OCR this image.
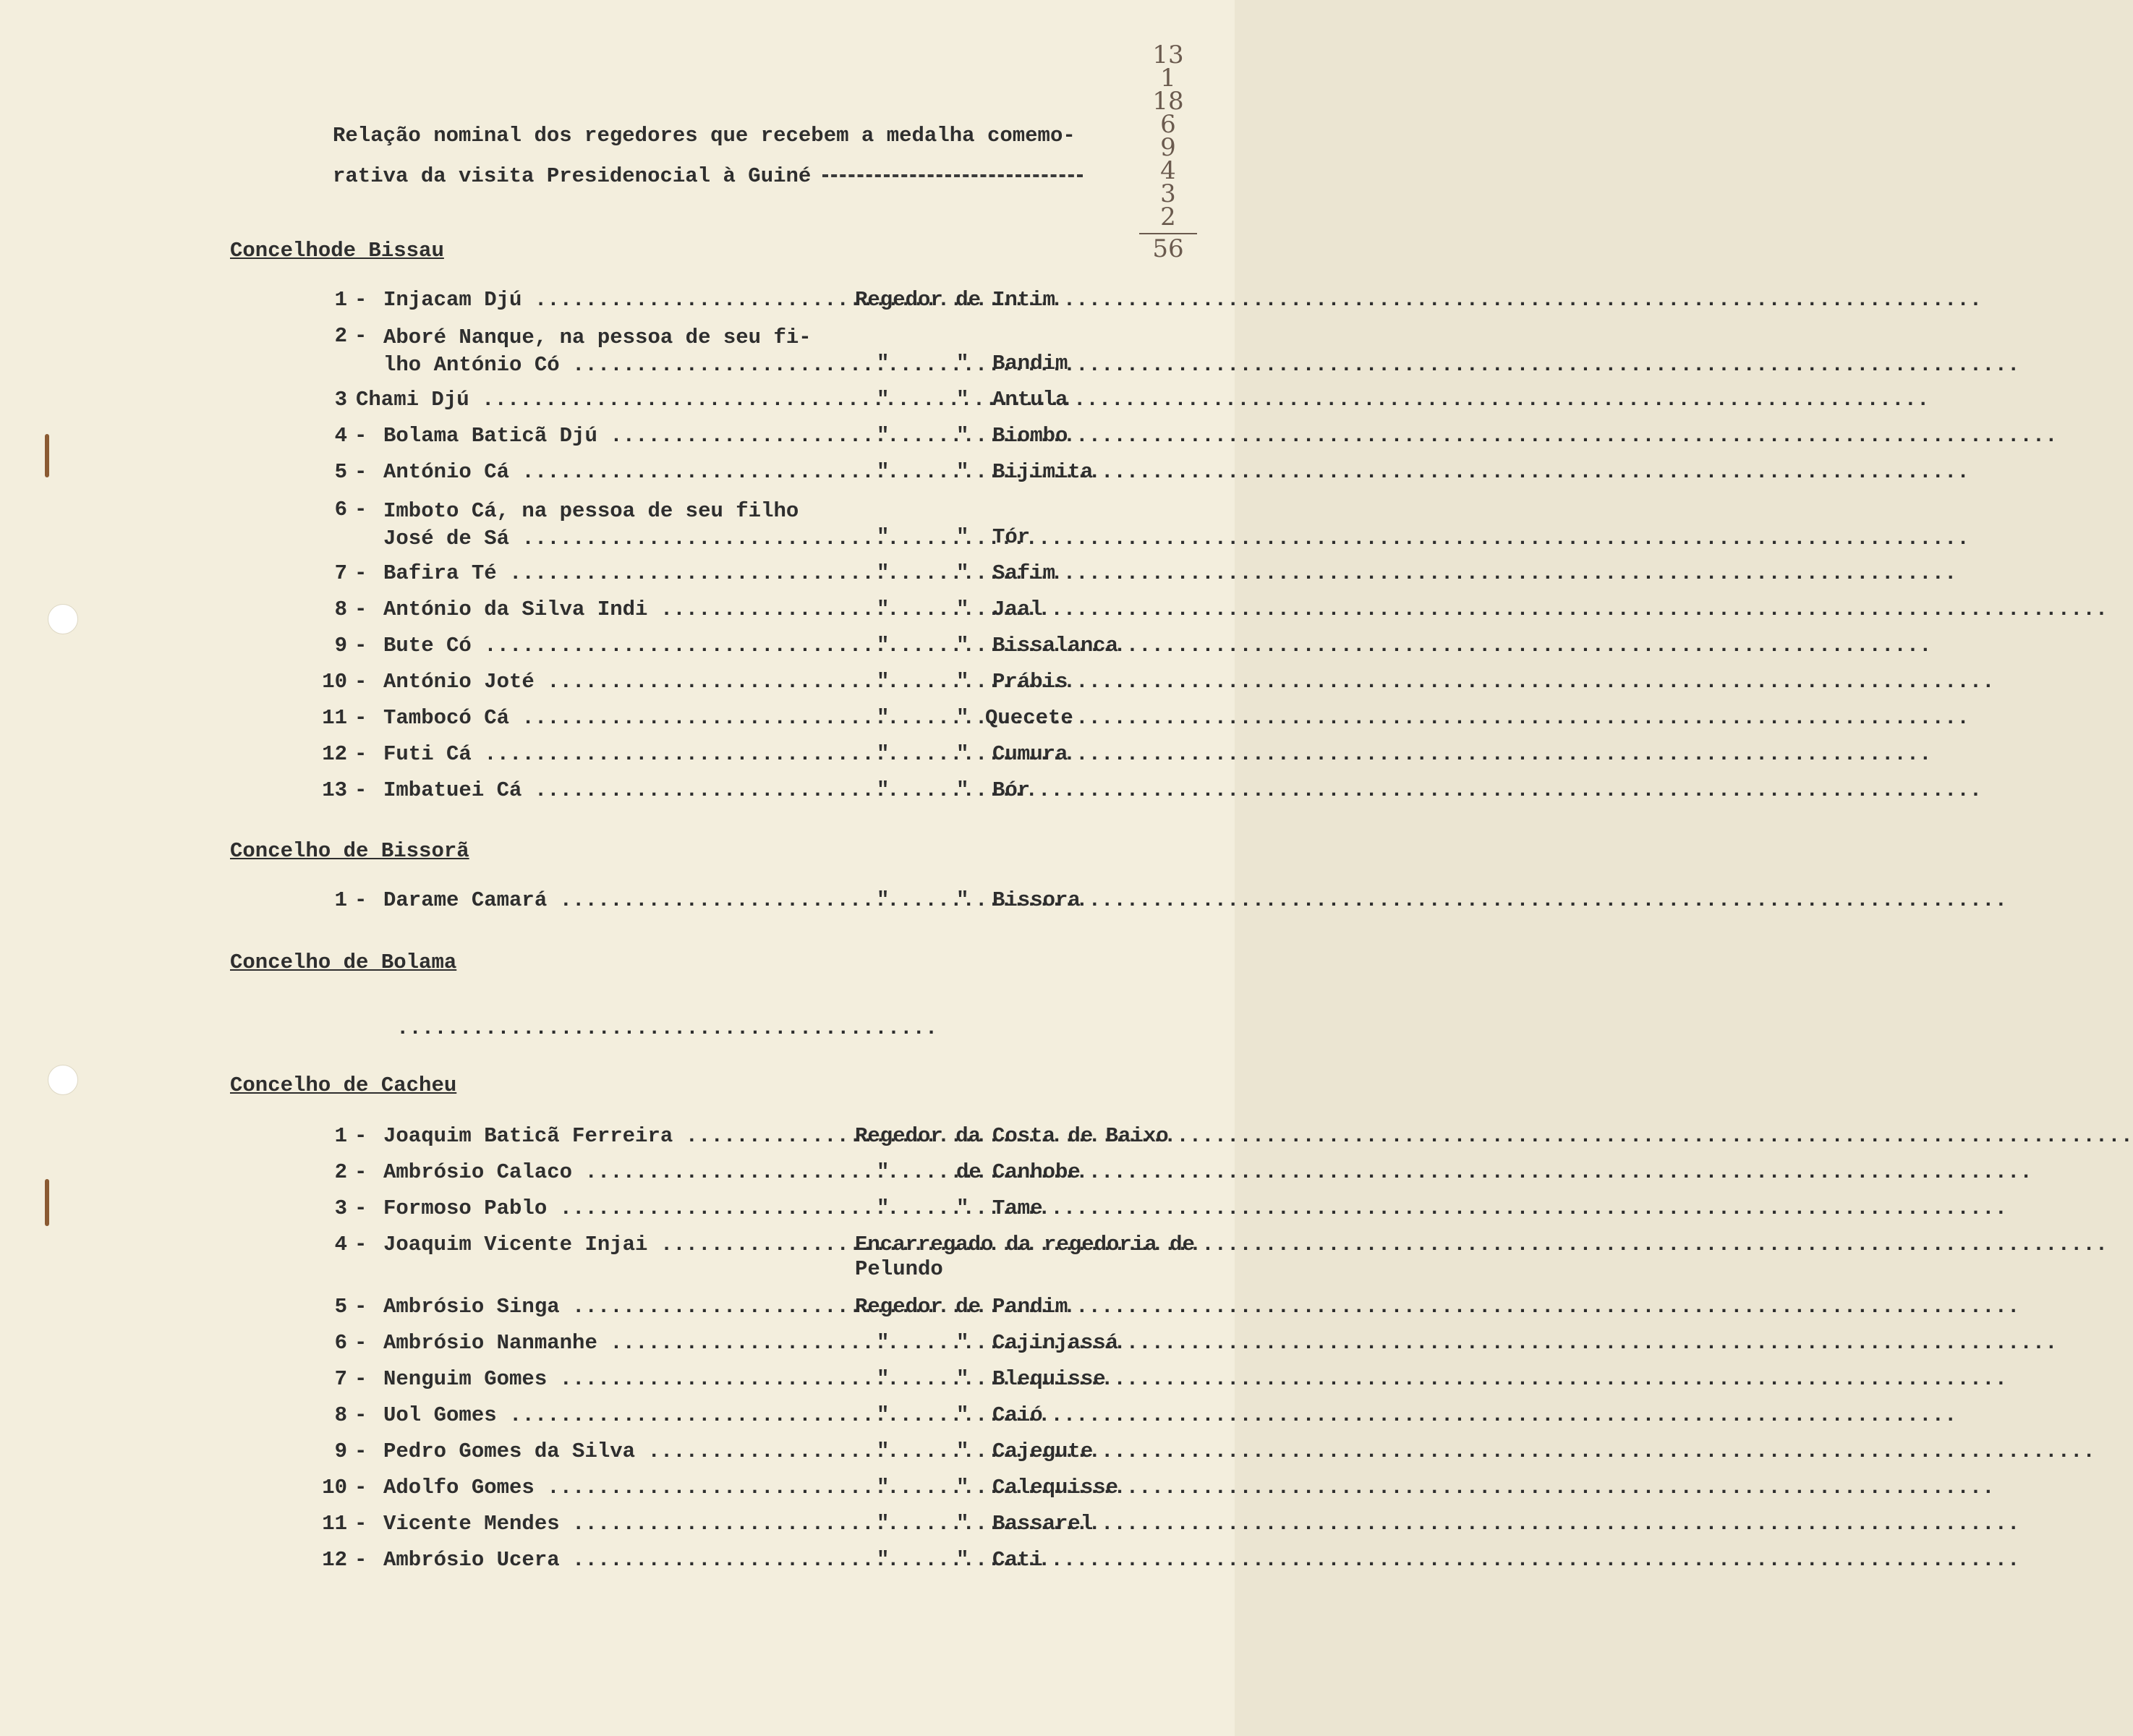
13
1
18
6
9
4
3
2
56
Relação nominal dos regedores que recebem a medalha comemo-
rativa da visita Presidenocial à Guiné
Concelhode Bissau
1 - Injacam Djú .....	Regedor de Intim
2 - Aboré Nanque, na pessoa de seu fi-
lho António Có .....	"	" Bandim
3 Chami Djú .....	"	" Antula
4 - Bolama Baticã Djú .....	"	" Biombo
5 - António Cá .....	"	" Bijimita
6 - Imboto Cá, na pessoa de seu filho
José de Sá .....	"	" Tór
7 - Bafira Té .....	"	" Safim
8 - António da Silva Indi .....	"	" Jaal
9 - Bute Có .....	"	" Bissalanca
10 - António Joté .....	"	" Prábis
11 - Tambocó Cá .....	"	" Quecete
12 - Futi Cá .....	"	" Cumura
13 - Imbatuei Cá .....	"	" Bór
Concelho de Bissorã
1 - Darame Camará .....	"	" Bissora
Concelho de Bolama
...........................................
Concelho de Cacheu
1 - Joaquim Baticã Ferreira .....	Regedor da Costa de Baixo
2 - Ambrósio Calaco .....	"	de Canhobe
3 - Formoso Pablo .....	"	" Tame
4 - Joaquim Vicente Injai .....	Encarregado da regedoria de Pelundo
5 - Ambrósio Singa .....	Regedor de Pandim
6 - Ambrósio Nanmanhe .....	"	" Cajinjassá
7 - Nenguim Gomes .....	"	" Blequisse
8 - Uol Gomes .....	"	" Caió
9 - Pedro Gomes da Silva .....	"	" Cajegute
10 - Adolfo Gomes .....	"	" Calequisse
11 - Vicente Mendes .....	"	" Bassarel
12 - Ambrósio Ucera .....	"	" Cati
